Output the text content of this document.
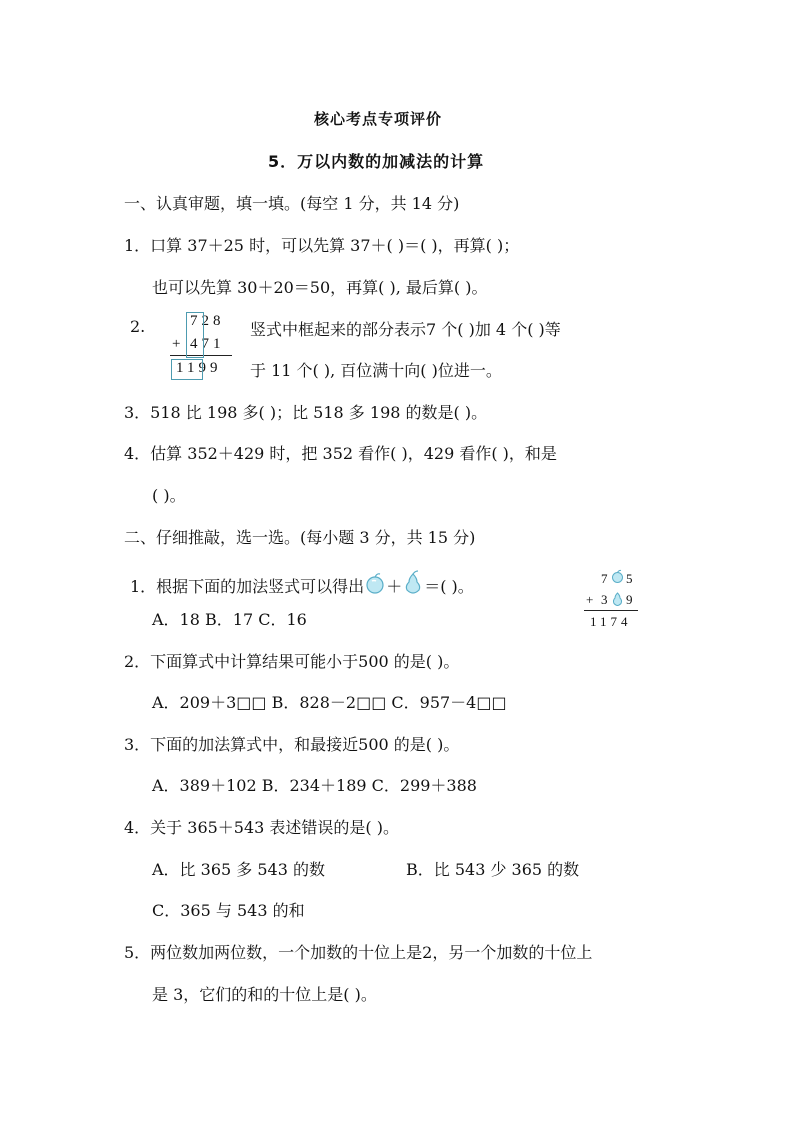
核心考点专项评价
5．万以内数的加减法的计算
一、认真审题，填一填。(每空 1 分，共 14 分)
1．口算 37＋25 时，可以先算 37＋( )＝( )，再算( )；
也可以先算 30＋20＝50，再算( ), 最后算( )。
2.	728
+ 471
1199
竖式中框起来的部分表示7 个( )加 4 个( )等
于 11 个( ), 百位满十向( )位进一。
3．518 比 198 多( )；比 518 多 198 的数是( )。
4．估算 352＋429 时，把 352 看作( )，429 看作( )，和是
( )。
二、仔细推敲，选一选。(每小题 3 分，共 15 分)
1．根据下面的加法竖式可以得出 ＋ ＝( )。	7 5
+ 3 9
1174
A．18 B．17 C．16
2．下面算式中计算结果可能小于500 的是( )。
A．209＋3□□ B．828－2□□ C．957－4□□
3．下面的加法算式中，和最接近500 的是( )。
A．389＋102 B．234＋189 C．299＋388
4．关于 365＋543 表述错误的是( )。
A．比 365 多 543 的数	B．比 543 少 365 的数
C．365 与 543 的和
5．两位数加两位数，一个加数的十位上是2，另一个加数的十位上
是 3，它们的和的十位上是( )。
